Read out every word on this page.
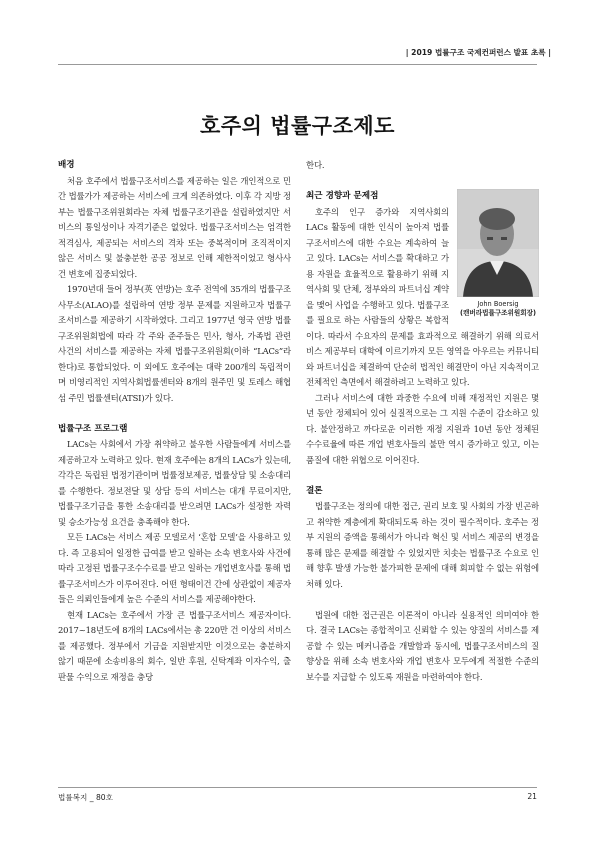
| 2019 법률구조 국제컨퍼런스 발표 초록 |
호주의 법률구조제도
배경

처음 호주에서 법률구조서비스를 제공하는 일은 개인적으로 민간 법률가가 제공하는 서비스에 크게 의존하였다. 이후 각 지방 정부는 법률구조위원회라는 자체 법률구조기관을 설립하였지만 서비스의 통일성이나 자격기준은 없었다. 법률구조서비스는 엄격한 적격심사, 제공되는 서비스의 격차 또는 중복적이며 조직적이지 않은 서비스 및 불충분한 공공 정보로 인해 제한적이었고 형사사건 변호에 집중되었다.

1970년대 들어 정부(英 연방)는 호주 전역에 35개의 법률구조사무소(ALAO)를 설립하여 연방 정부 문제를 지원하고자 법률구조서비스를 제공하기 시작하였다. 그리고 1977년 영국 연방 법률구조위원회법에 따라 각 주와 준주들은 민사, 형사, 가족법 관련 사건의 서비스를 제공하는 자체 법률구조위원회(이하 “LACs”라 한다)로 통합되었다. 이 외에도 호주에는 대략 200개의 독립적이며 비영리적인 지역사회법률센터와 8개의 원주민 및 토레스 해협 섬 주민 법률센터(ATSI)가 있다.

법률구조 프로그램

LACs는 사회에서 가장 취약하고 불우한 사람들에게 서비스를 제공하고자 노력하고 있다. 현재 호주에는 8개의 LACs가 있는데, 각각은 독립된 법정기관이며 법률정보제공, 법률상담 및 소송대리를 수행한다. 정보전달 및 상담 등의 서비스는 대개 무료이지만, 법률구조기금을 통한 소송대리를 받으려면 LACs가 설정한 자력 및 승소가능성 요건을 충족해야 한다.

모든 LACs는 서비스 제공 모델로서 ‘혼합 모델’을 사용하고 있다. 즉 고용되어 일정한 급여를 받고 일하는 소속 변호사와 사건에 따라 고정된 법률구조수수료를 받고 일하는 개업변호사를 통해 법률구조서비스가 이루어진다. 어떤 형태이건 간에 상관없이 제공자들은 의뢰인들에게 높은 수준의 서비스를 제공해야한다.

현재 LACs는 호주에서 가장 큰 법률구조서비스 제공자이다. 2017~18년도에 8개의 LACs에서는 총 220만 건 이상의 서비스를 제공했다. 정부에서 기금을 지원받지만 이것으로는 충분하지 않기 때문에 소송비용의 회수, 일반 후원, 신탁계좌 이자수익, 출판물 수익으로 재정을 충당

한다.

John Boersig
(캔버라법률구조위원회장)
최근 경향과 문제점

호주의 인구 증가와 지역사회의 LACs 활동에 대한 인식이 높아져 법률구조서비스에 대한 수요는 계속하여 늘고 있다. LACs는 서비스를 확대하고 가용 자원을 효율적으로 활용하기 위해 지역사회 및 단체, 정부와의 파트너십 계약을 맺어 사업을 수행하고 있다. 법률구조를 필요로 하는 사람들의 상황은 복합적이다. 따라서 수요자의 문제를 효과적으로 해결하기 위해 의료서비스 제공부터 대학에 이르기까지 모든 영역을 아우르는 커뮤니티와 파트너십을 체결하여 단순히 법적인 해결만이 아닌 지속적이고 전체적인 측면에서 해결하려고 노력하고 있다.

그러나 서비스에 대한 과중한 수요에 비해 재정적인 지원은 몇 년 동안 정체되어 있어 실질적으로는 그 지원 수준이 감소하고 있다. 불안정하고 까다로운 이러한 재정 지원과 10년 동안 정체된 수수료율에 따른 개업 변호사들의 불만 역시 증가하고 있고, 이는 품질에 대한 위협으로 이어진다.

결론

법률구조는 정의에 대한 접근, 권리 보호 및 사회의 가장 빈곤하고 취약한 계층에게 확대되도록 하는 것이 필수적이다. 호주는 정부 지원의 증액을 통해서가 아니라 혁신 및 서비스 제공의 변경을 통해 많은 문제를 해결할 수 있었지만 치솟는 법률구조 수요로 인해 향후 발생 가능한 불가피한 문제에 대해 회피할 수 없는 위험에 처해 있다.

법원에 대한 접근권은 이론적이 아니라 실용적인 의미여야 한다. 결국 LACs는 종합적이고 신뢰할 수 있는 양질의 서비스를 제공할 수 있는 메커니즘을 개발함과 동시에, 법률구조서비스의 질 향상을 위해 소속 변호사와 개업 변호사 모두에게 적절한 수준의 보수를 지급할 수 있도록 재원을 마련하여야 한다.

법률복지 _ 80호	21
